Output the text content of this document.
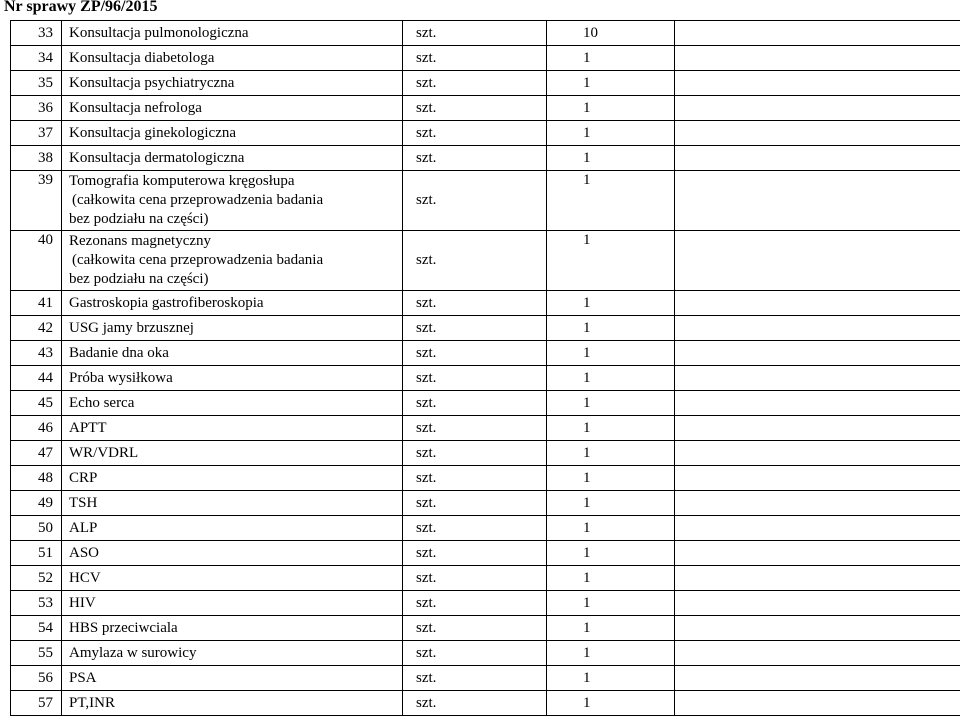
Nr sprawy ZP/96/2015
33	Konsultacja pulmonologiczna	szt.	10	
34	Konsultacja diabetologa	szt.	1	
35	Konsultacja psychiatryczna	szt.	1	
36	Konsultacja nefrologa	szt.	1	
37	Konsultacja ginekologiczna	szt.	1	
38	Konsultacja dermatologiczna	szt.	1	
39	Tomografia komputerowa kręgosłupa
(całkowita cena przeprowadzenia badania
bez podziału na części)	szt.	1	
40	Rezonans magnetyczny
(całkowita cena przeprowadzenia badania
bez podziału na części)	szt.	1	
41	Gastroskopia gastrofiberoskopia	szt.	1	
42	USG jamy brzusznej	szt.	1	
43	Badanie dna oka	szt.	1	
44	Próba wysiłkowa	szt.	1	
45	Echo serca	szt.	1	
46	APTT	szt.	1	
47	WR/VDRL	szt.	1	
48	CRP	szt.	1	
49	TSH	szt.	1	
50	ALP	szt.	1	
51	ASO	szt.	1	
52	HCV	szt.	1	
53	HIV	szt.	1	
54	HBS przeciwciala	szt.	1	
55	Amylaza w surowicy	szt.	1	
56	PSA	szt.	1	
57	PT,INR	szt.	1	
